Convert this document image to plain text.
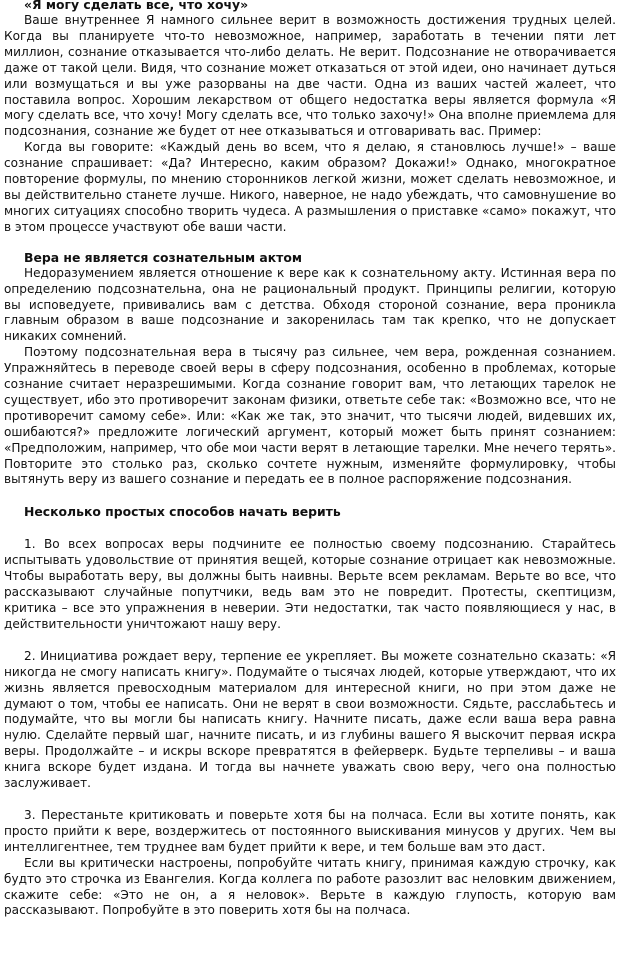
«Я могу сделать все, что хочу»

Ваше внутреннее Я намного сильнее верит в возможность достижения трудных целей. Когда вы планируете что-то невозможное, например, заработать в течении пяти лет миллион, сознание отказывается что-либо делать. Не верит. Подсознание не отворачивается даже от такой цели. Видя, что сознание может отказаться от этой идеи, оно начинает дуться или возмущаться и вы уже разорваны на две части. Одна из ваших частей жалеет, что поставила вопрос. Хорошим лекарством от общего недостатка веры является формула «Я могу сделать все, что хочу! Могу сделать все, что только захочу!» Она вполне приемлема для подсознания, сознание же будет от нее отказываться и отговаривать вас. Пример:

Когда вы говорите: «Каждый день во всем, что я делаю, я становлюсь лучше!» – ваше сознание спрашивает: «Да? Интересно, каким образом? Докажи!» Однако, многократное повторение формулы, по мнению сторонников легкой жизни, может сделать невозможное, и вы действительно станете лучше. Никого, наверное, не надо убеждать, что самовнушение во многих ситуациях способно творить чудеса. А размышления о приставке «само» покажут, что в этом процессе участвуют обе ваши части.

Вера не является сознательным актом

Недоразумением является отношение к вере как к сознательному акту. Истинная вера по определению подсознательна, она не рациональный продукт. Принципы религии, которую вы исповедуете, прививались вам с детства. Обходя стороной сознание, вера проникла главным образом в ваше подсознание и закоренилась там так крепко, что не допускает никаких сомнений.

Поэтому подсознательная вера в тысячу раз сильнее, чем вера, рожденная сознанием. Упражняйтесь в переводе своей веры в сферу подсознания, особенно в проблемах, которые сознание считает неразрешимыми. Когда сознание говорит вам, что летающих тарелок не существует, ибо это противоречит законам физики, ответьте себе так: «Возможно все, что не противоречит самому себе». Или: «Как же так, это значит, что тысячи людей, видевших их, ошибаются?» предложите логический аргумент, который может быть принят сознанием: «Предположим, например, что обе мои части верят в летающие тарелки. Мне нечего терять». Повторите это столько раз, сколько сочтете нужным, изменяйте формулировку, чтобы вытянуть веру из вашего сознание и передать ее в полное распоряжение подсознания.

Несколько простых способов начать верить

1. Во всех вопросах веры подчините ее полностью своему подсознанию. Старайтесь испытывать удовольствие от принятия вещей, которые сознание отрицает как невозможные. Чтобы выработать веру, вы должны быть наивны. Верьте всем рекламам. Верьте во все, что рассказывают случайные попутчики, ведь вам это не повредит. Протесты, скептицизм, критика – все это упражнения в неверии. Эти недостатки, так часто появляющиеся у нас, в действительности уничтожают нашу веру.

2. Инициатива рождает веру, терпение ее укрепляет. Вы можете сознательно сказать: «Я никогда не смогу написать книгу». Подумайте о тысячах людей, которые утверждают, что их жизнь является превосходным материалом для интересной книги, но при этом даже не думают о том, чтобы ее написать. Они не верят в свои возможности. Сядьте, расслабьтесь и подумайте, что вы могли бы написать книгу. Начните писать, даже если ваша вера равна нулю. Сделайте первый шаг, начните писать, и из глубины вашего Я выскочит первая искра веры. Продолжайте – и искры вскоре превратятся в фейерверк. Будьте терпеливы – и ваша книга вскоре будет издана. И тогда вы начнете уважать свою веру, чего она полностью заслуживает.

3. Перестаньте критиковать и поверьте хотя бы на полчаса. Если вы хотите понять, как просто прийти к вере, воздержитесь от постоянного выискивания минусов у других. Чем вы интеллигентнее, тем труднее вам будет прийти к вере, и тем больше вам это даст.

Если вы критически настроены, попробуйте читать книгу, принимая каждую строчку, как будто это строчка из Евангелия. Когда коллега по работе разозлит вас неловким движением, скажите себе: «Это не он, а я неловок». Верьте в каждую глупость, которую вам рассказывают. Попробуйте в это поверить хотя бы на полчаса.
